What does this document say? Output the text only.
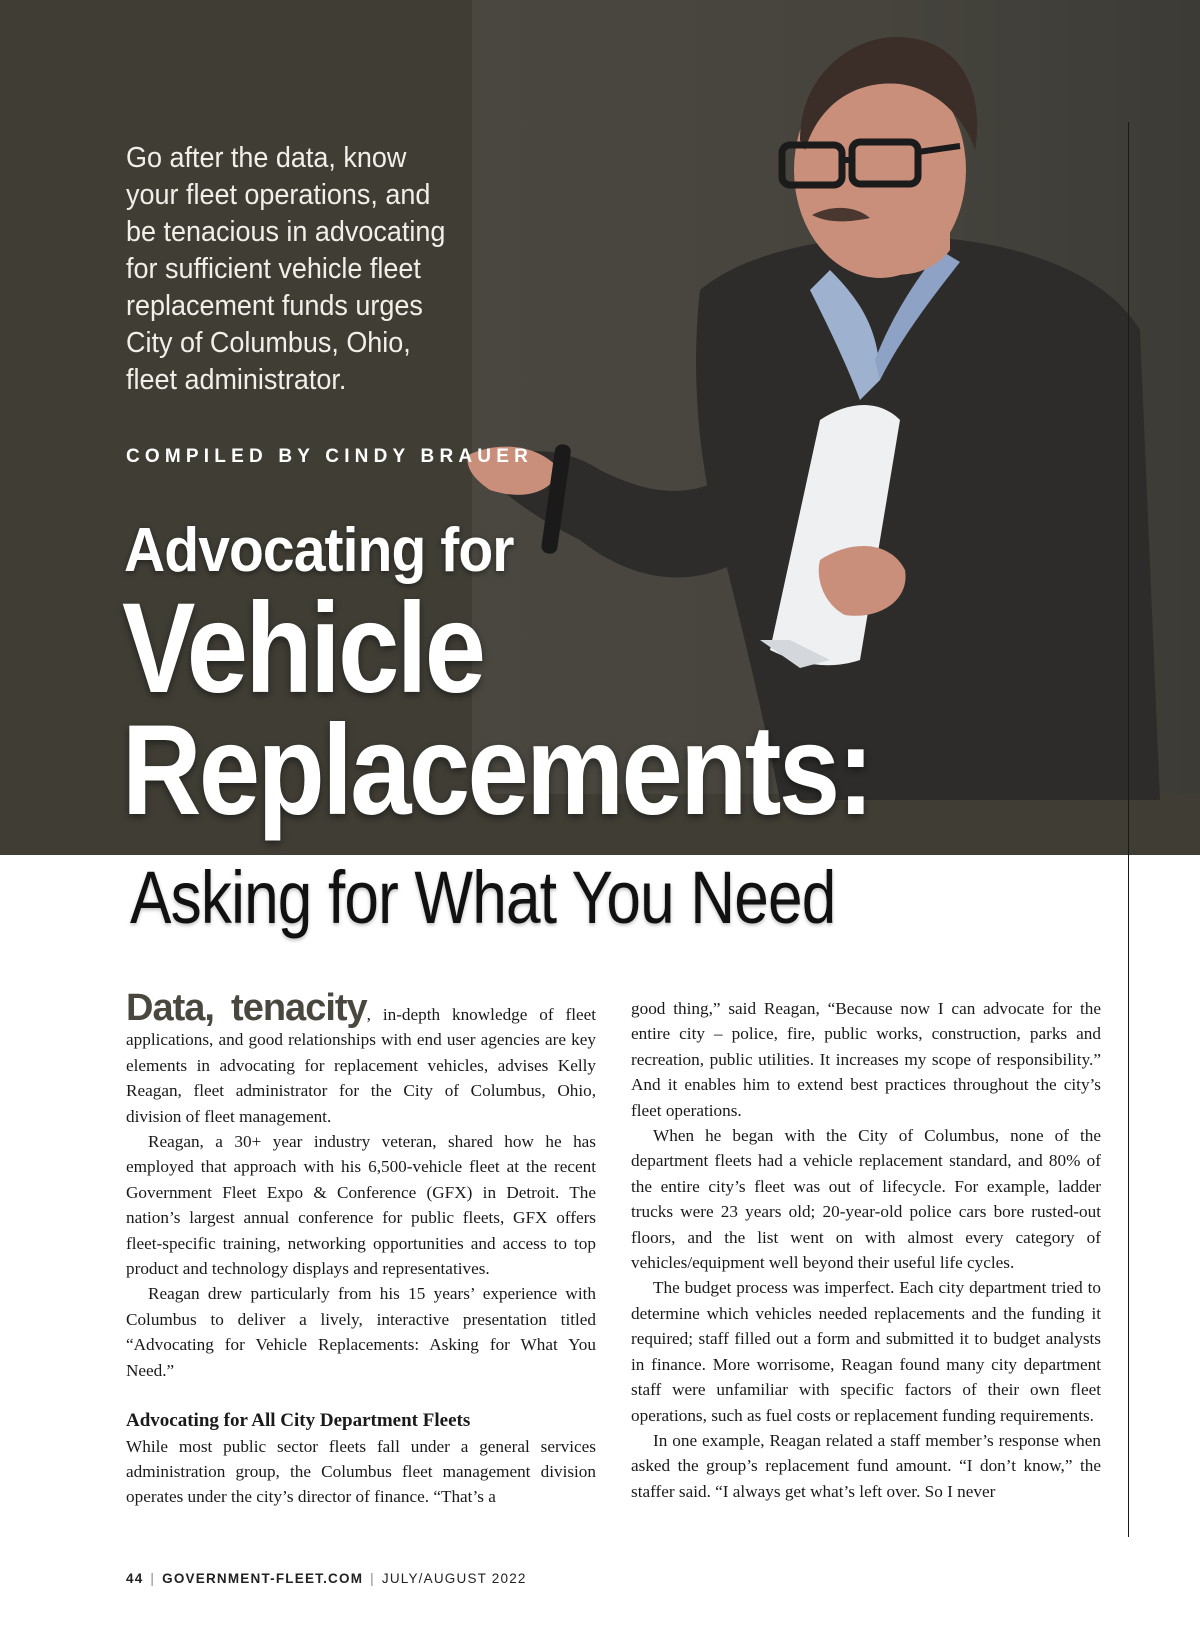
Go after the data, know your fleet operations, and be tenacious in advocating for sufficient vehicle fleet replacement funds urges City of Columbus, Ohio, fleet administrator.
COMPILED BY CINDY BRAUER
Advocating for
Vehicle
Replacements:
Asking for What You Need

Data, tenacity, in-depth knowledge of fleet applications, and good relationships with end user agencies are key elements in advocating for replacement vehicles, advises Kelly Reagan, fleet administrator for the City of Columbus, Ohio, division of fleet management.

Reagan, a 30+ year industry veteran, shared how he has employed that approach with his 6,500-vehicle fleet at the recent Government Fleet Expo & Conference (GFX) in Detroit. The nation’s largest annual conference for public fleets, GFX offers fleet-specific training, networking opportunities and access to top product and technology displays and representatives.

Reagan drew particularly from his 15 years’ experience with Columbus to deliver a lively, interactive presentation titled “Advocating for Vehicle Replacements: Asking for What You Need.”

Advocating for All City Department Fleets

While most public sector fleets fall under a general services administration group, the Columbus fleet management division operates under the city’s director of finance. “That’s a

good thing,” said Reagan, “Because now I can advocate for the entire city – police, fire, public works, construction, parks and recreation, public utilities. It increases my scope of responsibility.” And it enables him to extend best practices throughout the city’s fleet operations.

When he began with the City of Columbus, none of the department fleets had a vehicle replacement standard, and 80% of the entire city’s fleet was out of lifecycle. For example, ladder trucks were 23 years old; 20-year-old police cars bore rusted-out floors, and the list went on with almost every category of vehicles/equipment well beyond their useful life cycles.

The budget process was imperfect. Each city department tried to determine which vehicles needed replacements and the funding it required; staff filled out a form and submitted it to budget analysts in finance. More worrisome, Reagan found many city department staff were unfamiliar with specific factors of their own fleet operations, such as fuel costs or replacement funding requirements.

In one example, Reagan related a staff member’s response when asked the group’s replacement fund amount. “I don’t know,” the staffer said. “I always get what’s left over. So I never

44 | GOVERNMENT-FLEET.COM | JULY/AUGUST 2022
